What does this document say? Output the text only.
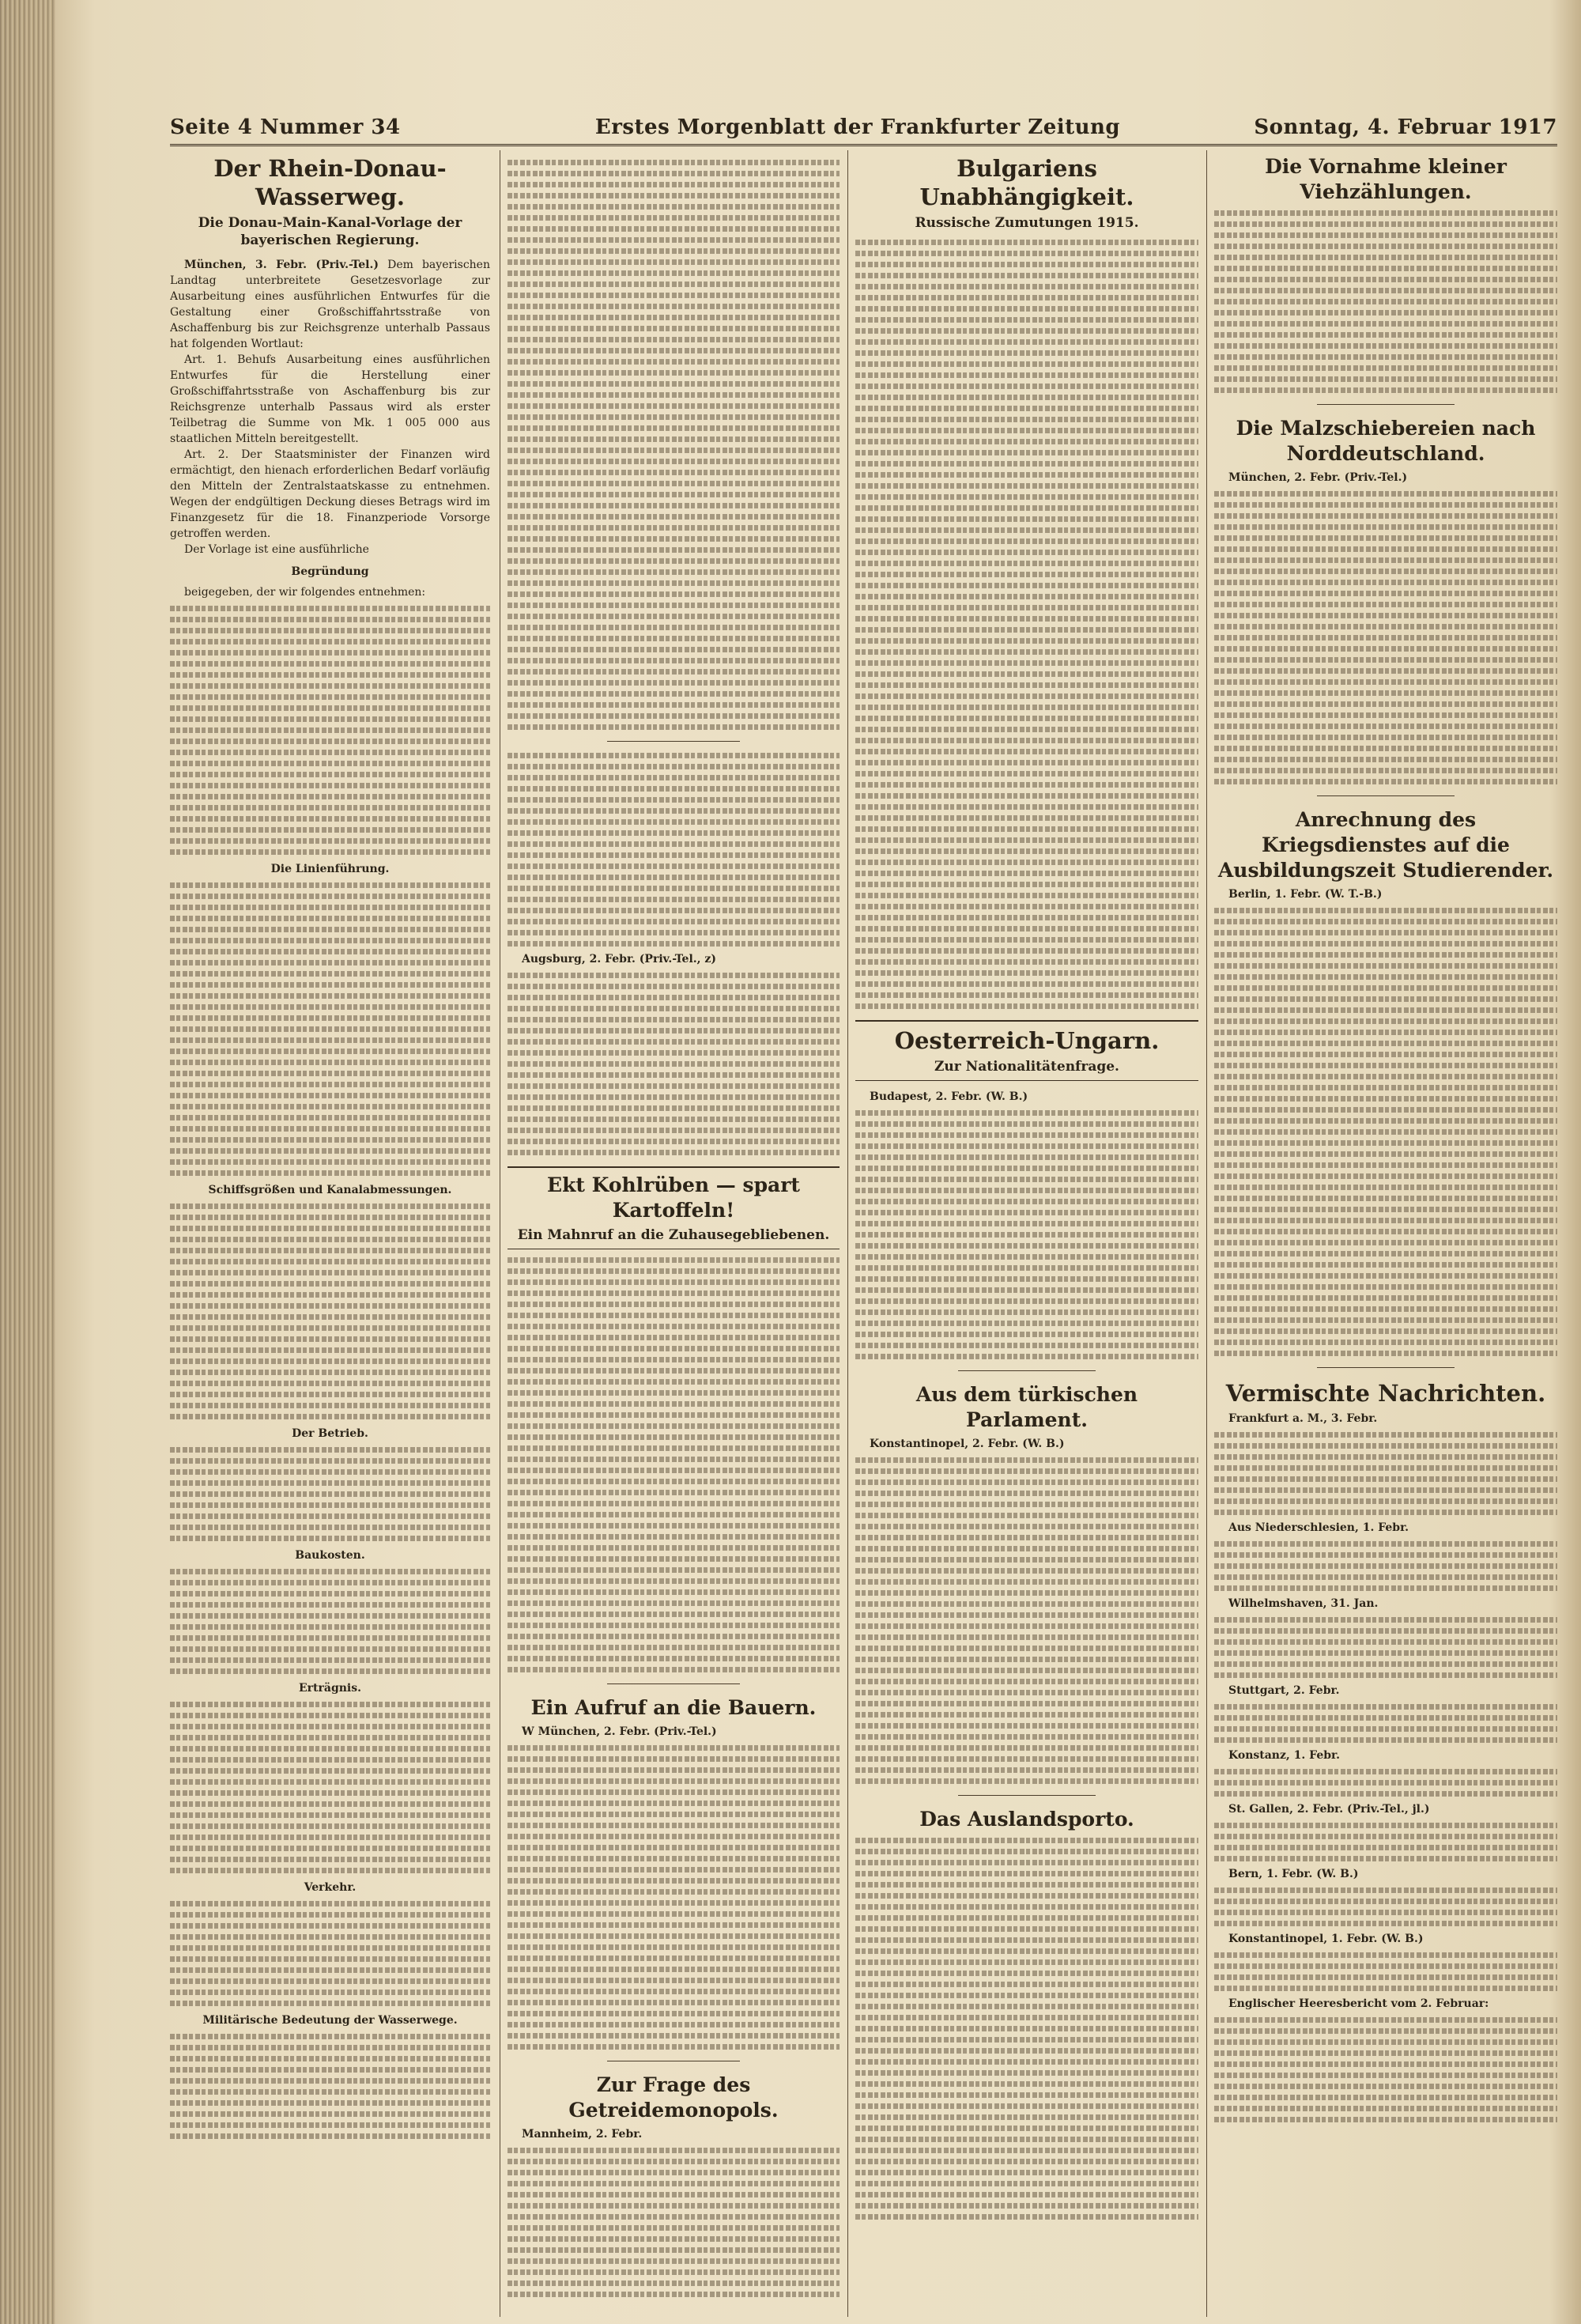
Seite 4 Nummer 34	Erstes Morgenblatt der Frankfurter Zeitung	Sonntag, 4. Februar 1917
Der Rhein-Donau-Wasserweg.
Die Donau-Main-Kanal-Vorlage der bayerischen Regierung.

München, 3. Febr. (Priv.-Tel.) Dem bayerischen Landtag unterbreitete Gesetzesvorlage zur Ausarbeitung eines ausführlichen Entwurfes für die Gestaltung einer Großschiffahrtsstraße von Aschaffenburg bis zur Reichsgrenze unterhalb Passaus hat folgenden Wortlaut:

Art. 1. Behufs Ausarbeitung eines ausführlichen Entwurfes für die Herstellung einer Großschiffahrtsstraße von Aschaffenburg bis zur Reichsgrenze unterhalb Passaus wird als erster Teilbetrag die Summe von Mk. 1 005 000 aus staatlichen Mitteln bereitgestellt.

Art. 2. Der Staatsminister der Finanzen wird ermächtigt, den hienach erforderlichen Bedarf vorläufig den Mitteln der Zentralstaatskasse zu entnehmen. Wegen der endgültigen Deckung dieses Betrags wird im Finanzgesetz für die 18. Finanzperiode Vorsorge getroffen werden.

Der Vorlage ist eine ausführliche

Begründung

beigegeben, der wir folgendes entnehmen:

Die Linienführung.
Schiffsgrößen und Kanalabmessungen.
Der Betrieb.
Baukosten.
Erträgnis.
Verkehr.
Militärische Bedeutung der Wasserwege.

Augsburg, 2. Febr. (Priv.-Tel., z)

Ekt Kohlrüben — spart Kartoffeln!
Ein Mahnruf an die Zuhausegebliebenen.
Ein Aufruf an die Bauern.

W München, 2. Febr. (Priv.-Tel.)

Zur Frage des Getreidemonopols.

Mannheim, 2. Febr.

Bulgariens Unabhängigkeit.
Russische Zumutungen 1915.
Oesterreich-Ungarn.
Zur Nationalitätenfrage.

Budapest, 2. Febr. (W. B.)

Aus dem türkischen Parlament.

Konstantinopel, 2. Febr. (W. B.)

Das Auslandsporto.
Die Vornahme kleiner Viehzählungen.
Die Malzschiebereien nach Norddeutschland.

München, 2. Febr. (Priv.-Tel.)

Anrechnung des Kriegsdienstes auf die Ausbildungszeit Studierender.

Berlin, 1. Febr. (W. T.-B.)

Vermischte Nachrichten.

Frankfurt a. M., 3. Febr.

Aus Niederschlesien, 1. Febr.

Wilhelmshaven, 31. Jan.

Stuttgart, 2. Febr.

Konstanz, 1. Febr.

St. Gallen, 2. Febr. (Priv.-Tel., jl.)

Bern, 1. Febr. (W. B.)

Konstantinopel, 1. Febr. (W. B.)

Englischer Heeresbericht vom 2. Februar:
